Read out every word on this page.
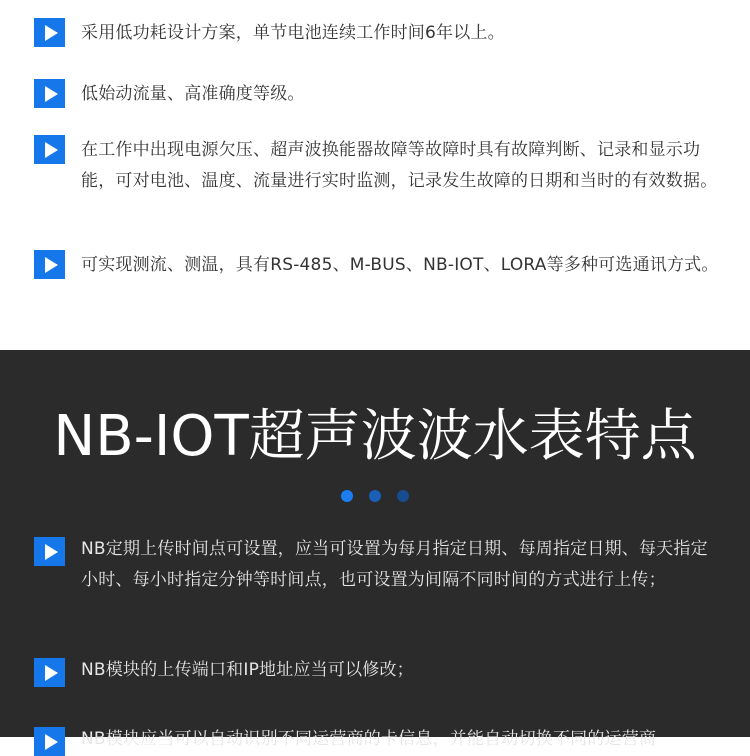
采用低功耗设计方案，单节电池连续工作时间6年以上。
低始动流量、高准确度等级。
在工作中出现电源欠压、超声波换能器故障等故障时具有故障判断、记录和显示功能，可对电池、温度、流量进行实时监测，记录发生故障的日期和当时的有效数据。
可实现测流、测温，具有RS-485、M-BUS、NB-IOT、LORA等多种可选通讯方式。
NB-IOT超声波波水表特点
NB定期上传时间点可设置，应当可设置为每月指定日期、每周指定日期、每天指定小时、每小时指定分钟等时间点，也可设置为间隔不同时间的方式进行上传；
NB模块的上传端口和IP地址应当可以修改；
NB模块应当可以自动识别不同运营商的卡信息，并能自动切换不同的运营商
